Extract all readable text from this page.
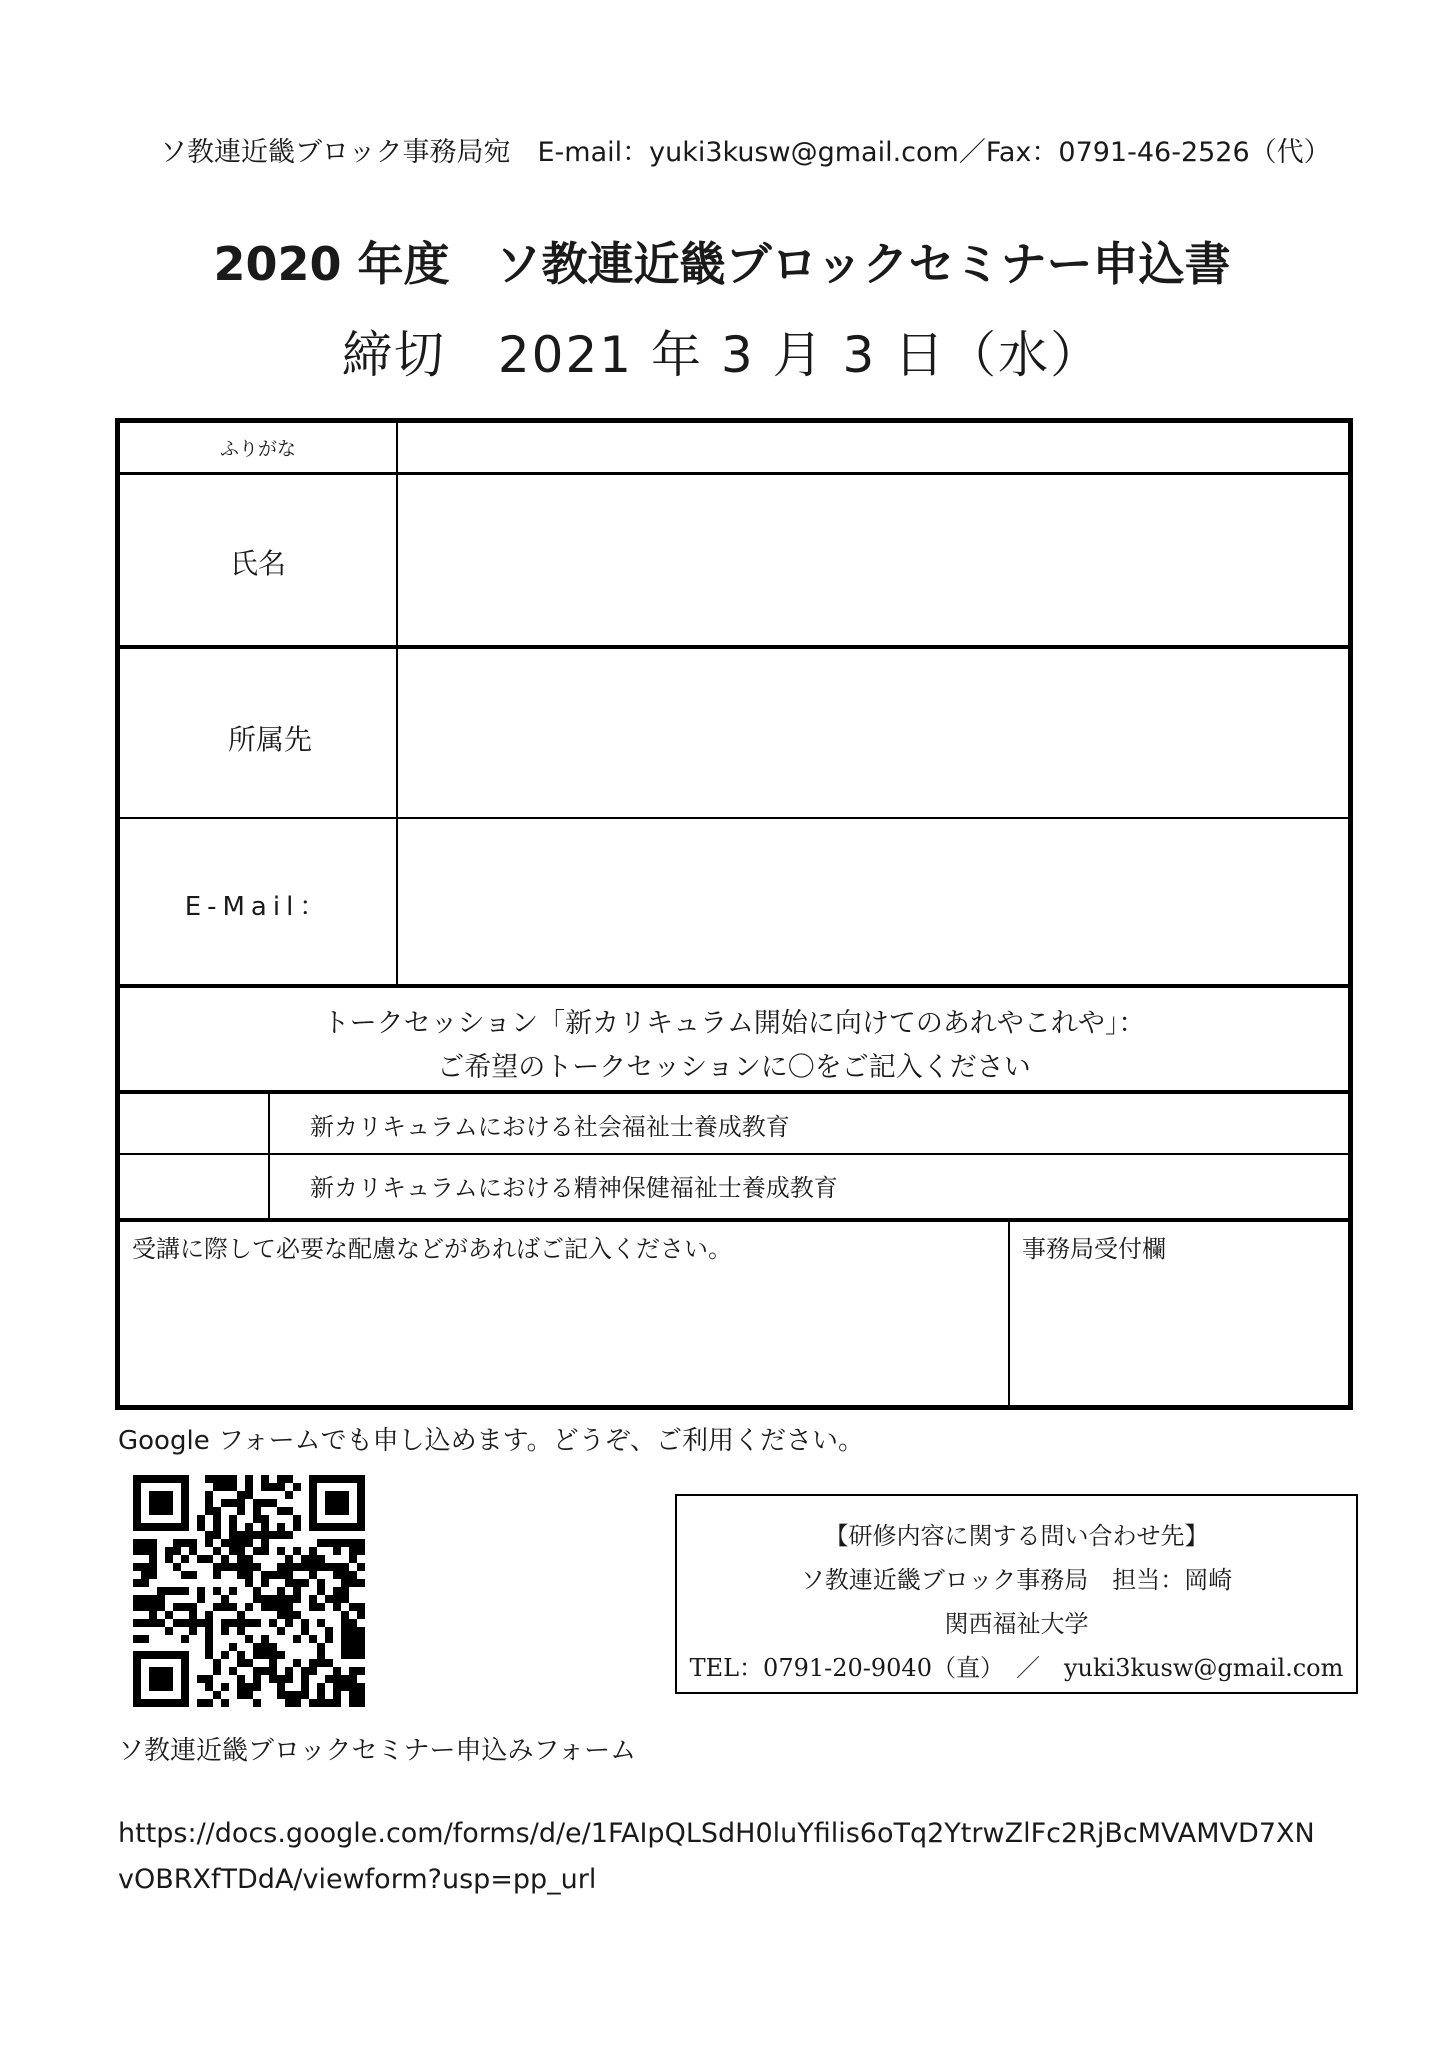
ソ教連近畿ブロック事務局宛　E-mail：yuki3kusw@gmail.com／Fax：0791-46-2526（代）
2020 年度　ソ教連近畿ブロックセミナー申込書
締切　2021 年 3 月 3 日（水）
ふりがな
氏名
所属先
E-Mail：
トークセッション「新カリキュラム開始に向けてのあれやこれや」：
ご希望のトークセッションに〇をご記入ください
新カリキュラムにおける社会福祉士養成教育
新カリキュラムにおける精神保健福祉士養成教育
受講に際して必要な配慮などがあればご記入ください。	事務局受付欄
Google フォームでも申し込めます。どうぞ、ご利用ください。
ソ教連近畿ブロックセミナー申込みフォーム
https://docs.google.com/forms/d/e/1FAIpQLSdH0luYfilis6oTq2YtrwZlFc2RjBcMVAMVD7XN
vOBRXfTDdA/viewform?usp=pp_url
【研修内容に関する問い合わせ先】
ソ教連近畿ブロック事務局　担当：岡崎
関西福祉大学
TEL：0791-20-9040（直）　／　yuki3kusw@gmail.com
